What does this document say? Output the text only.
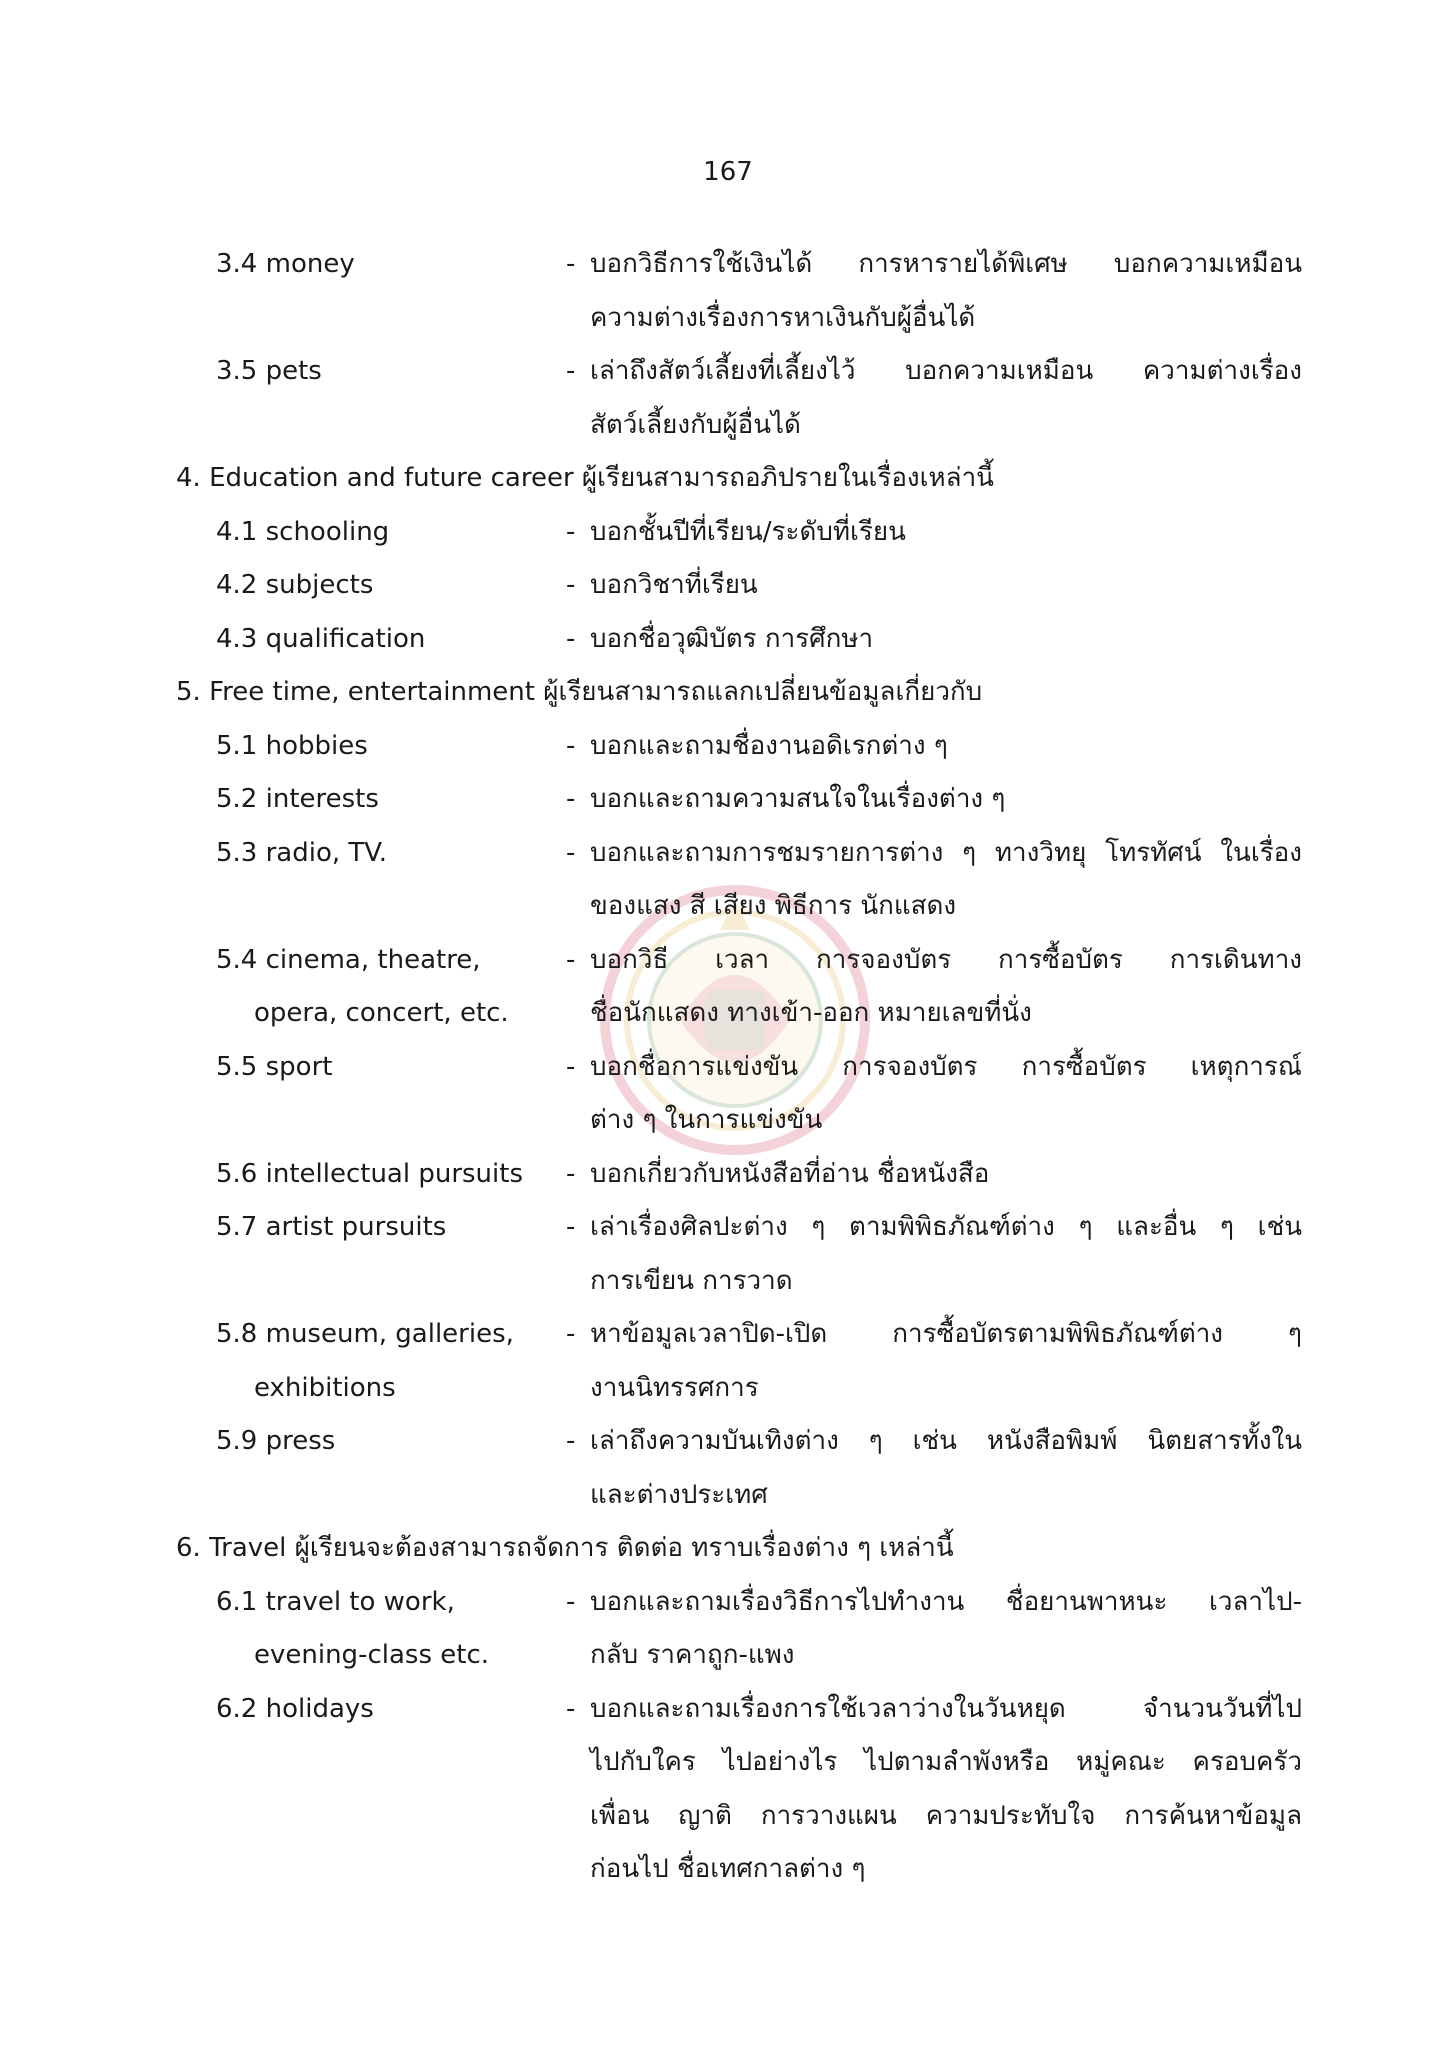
167
3.4 money	- บอกวิธีการใช้เงินได้ การหารายได้พิเศษ บอกความเหมือน
ความต่างเรื่องการหาเงินกับผู้อื่นได้
3.5 pets	- เล่าถึงสัตว์เลี้ยงที่เลี้ยงไว้ บอกความเหมือน ความต่างเรื่อง
สัตว์เลี้ยงกับผู้อื่นได้
4. Education and future career ผู้เรียนสามารถอภิปรายในเรื่องเหล่านี้
4.1 schooling	- บอกชั้นปีที่เรียน/ระดับที่เรียน
4.2 subjects	- บอกวิชาที่เรียน
4.3 qualification	- บอกชื่อวุฒิบัตร การศึกษา
5. Free time, entertainment ผู้เรียนสามารถแลกเปลี่ยนข้อมูลเกี่ยวกับ
5.1 hobbies	- บอกและถามชื่องานอดิเรกต่าง ๆ
5.2 interests	- บอกและถามความสนใจในเรื่องต่าง ๆ
5.3 radio, TV.	- บอกและถามการชมรายการต่าง ๆ ทางวิทยุ โทรทัศน์ ในเรื่อง
ของแสง สี เสียง พิธีการ นักแสดง
5.4 cinema, theatre,	- บอกวิธี เวลา การจองบัตร การซื้อบัตร การเดินทาง
opera, concert, etc.	ชื่อนักแสดง ทางเข้า-ออก หมายเลขที่นั่ง
5.5 sport	- บอกชื่อการแข่งขัน การจองบัตร การซื้อบัตร เหตุการณ์
ต่าง ๆ ในการแข่งขัน
5.6 intellectual pursuits	- บอกเกี่ยวกับหนังสือที่อ่าน ชื่อหนังสือ
5.7 artist pursuits	- เล่าเรื่องศิลปะต่าง ๆ ตามพิพิธภัณฑ์ต่าง ๆ และอื่น ๆ เช่น
การเขียน การวาด
5.8 museum, galleries,	- หาข้อมูลเวลาปิด-เปิด การซื้อบัตรตามพิพิธภัณฑ์ต่าง ๆ
exhibitions	งานนิทรรศการ
5.9 press	- เล่าถึงความบันเทิงต่าง ๆ เช่น หนังสือพิมพ์ นิตยสารทั้งใน
และต่างประเทศ
6. Travel ผู้เรียนจะต้องสามารถจัดการ ติดต่อ ทราบเรื่องต่าง ๆ เหล่านี้
6.1 travel to work,	- บอกและถามเรื่องวิธีการไปทำงาน ชื่อยานพาหนะ เวลาไป-
evening-class etc.	กลับ ราคาถูก-แพง
6.2 holidays	- บอกและถามเรื่องการใช้เวลาว่างในวันหยุด จำนวนวันที่ไป
ไปกับใคร ไปอย่างไร ไปตามลำพังหรือ หมู่คณะ ครอบครัว
เพื่อน ญาติ การวางแผน ความประทับใจ การค้นหาข้อมูล
ก่อนไป ชื่อเทศกาลต่าง ๆ
